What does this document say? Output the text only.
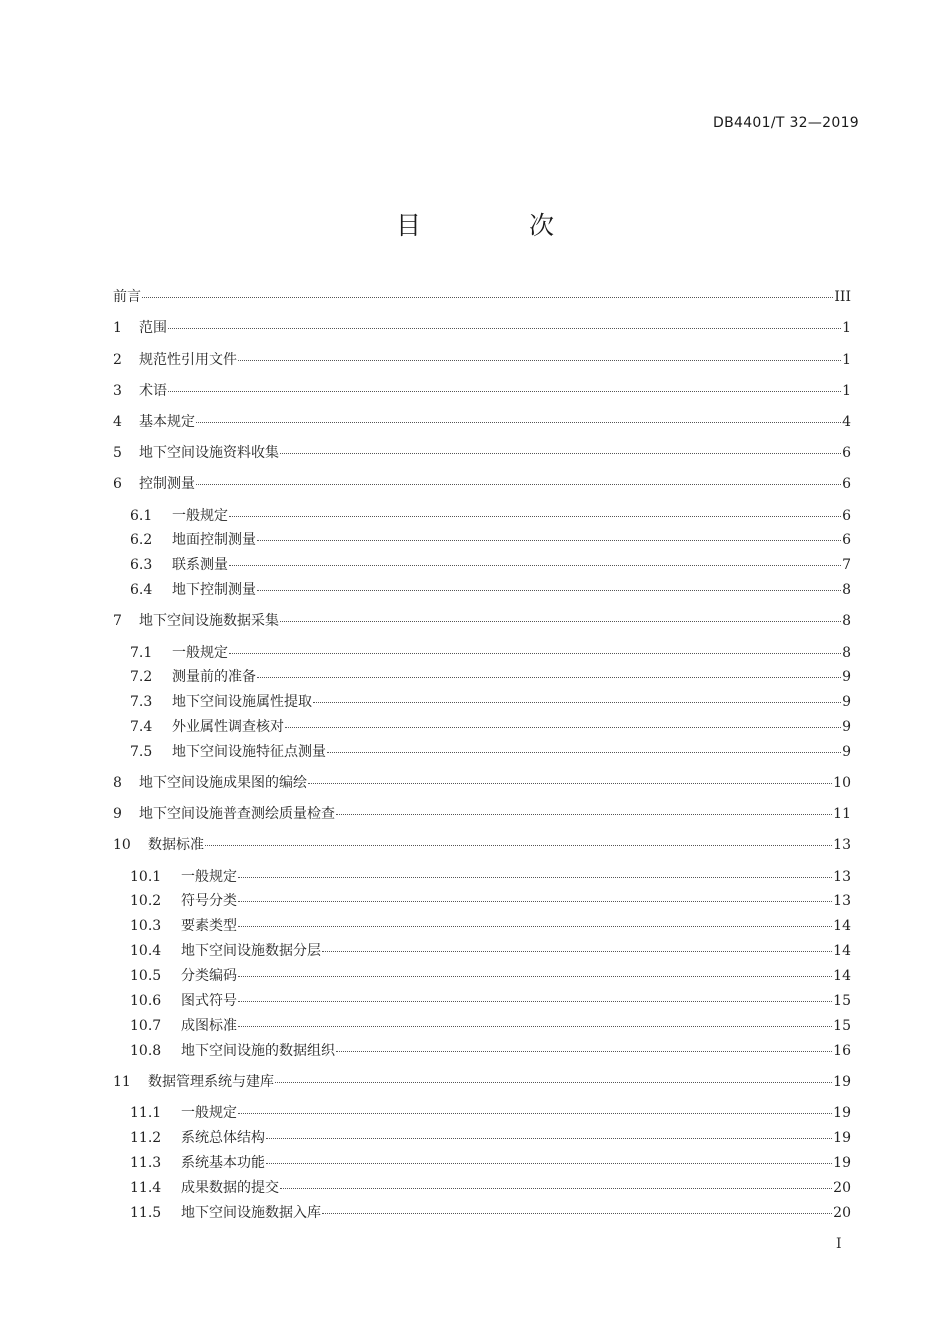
DB4401/T 32—2019
目 次
前言	III
1	范围	1
2	规范性引用文件	1
3	术语	1
4	基本规定	4
5	地下空间设施资料收集	6
6	控制测量	6
6.1	一般规定	6
6.2	地面控制测量	6
6.3	联系测量	7
6.4	地下控制测量	8
7	地下空间设施数据采集	8
7.1	一般规定	8
7.2	测量前的准备	9
7.3	地下空间设施属性提取	9
7.4	外业属性调查核对	9
7.5	地下空间设施特征点测量	9
8	地下空间设施成果图的编绘	10
9	地下空间设施普查测绘质量检查	11
10	数据标准	13
10.1	一般规定	13
10.2	符号分类	13
10.3	要素类型	14
10.4	地下空间设施数据分层	14
10.5	分类编码	14
10.6	图式符号	15
10.7	成图标准	15
10.8	地下空间设施的数据组织	16
11	数据管理系统与建库	19
11.1	一般规定	19
11.2	系统总体结构	19
11.3	系统基本功能	19
11.4	成果数据的提交	20
11.5	地下空间设施数据入库	20
I
